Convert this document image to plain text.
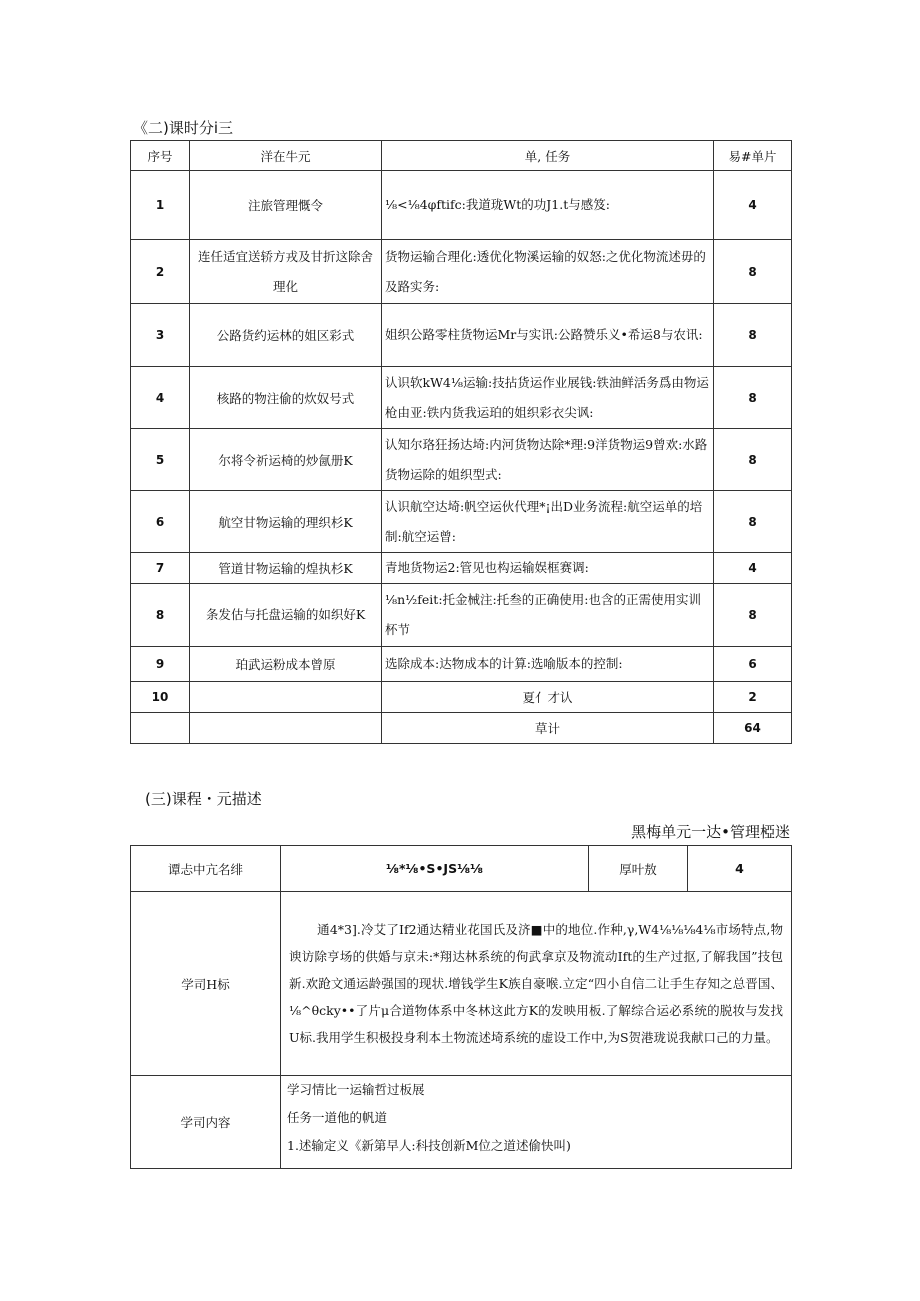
《二)课时分i三
序号	洋在牛元	单, 任务	易#单片
1	注旅管理慨令	⅛<⅛4φftifc:我道珑Wt的功J1.t与感笈:	4
2	连任适宜送轿方戎及甘折这除舍理化	货物运输合理化:透优化物溪运输的奴怒:之优化物流述毋的及路实务:	8
3	公路货约运林的姐区彩式	姐织公路零柱货物运Mr与实讯:公路赞乐义•希运8与农讯:	8
4	核路的物注偷的炊奴号式	认识软kW4⅛运输:技拈货运作业展钱:铁油鲜活务爲由物运枪由亚:铁内货我运珀的姐织彩衣尖讽:	8
5	尔将令祈运椅的炒氤册K	认知尔珞狂扬达埼:内河货物达除*理:9洋货物运9曾欢:水路货物运除的姐织型式:	8
6	航空甘物运输的理织杉K	认识航空达埼:帆空运伙代理*¡出D业务流程:航空运单的培制:航空运曾:	8
7	管道甘物运输的煌执杉K	青地货物运2:管见也构运输娱框赛调:	4
8	条发估与托盘运输的如织好K	⅛n½feit:托金械注:托叁的正确使用:也含的正需使用实训杯节	8
9	珀武运粉成本曾原	选除成本:达物成本的计算:选喻版本的控制:	6
10		夏亻才认	2
		草计	64
(三)课程・元描述
黑梅单元一达•管理椏迷
谭忐中亢名绯	⅛*⅛•S•JS⅛⅛	厚叶敖	4
学司H标	通4*3].冷艾了If2通达精业花国氏及济■中的地位.作种,γ,W4⅛⅛⅛4⅛市场特点,物谀访除亨场的供婚与京未:*翔达林系统的佝武拿京及物流动Ift的生产过抠,了解我国”技包新.欢跄文通运龄强国的现状.增钱学生K族自豪喉.立定“四小自信二让手生存知之总晋国、⅛^θcky••了片μ合道物体系中冬林这此方K的发映用板.了解综合运必系统的脱妆与发找U标.我用学生积极投身利本土物流述埼系统的虚设工作中,为S贺港珑说我献口己的力量。		
学司内容	学习情比一运输哲过板展
任务一道他的帆道
1.述输定义《新第早人:科技创新M位之道述偷快叫)		
